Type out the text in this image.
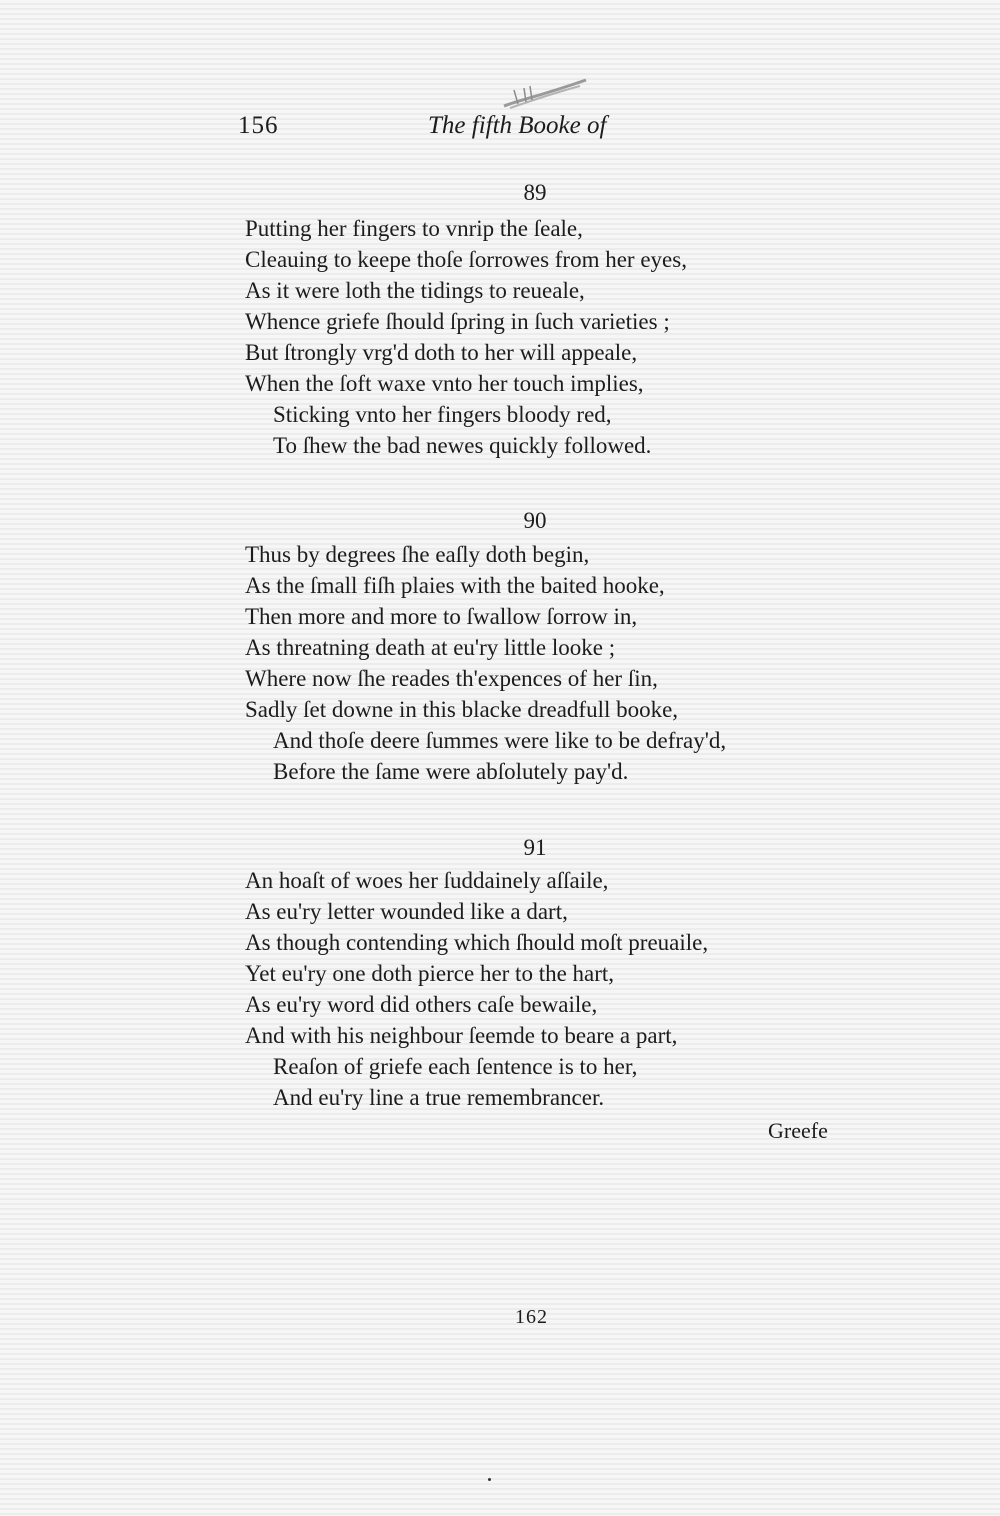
156	The fifth Booke of
89
Putting her fingers to vnrip the ſeale,
Cleauing to keepe thoſe ſorrowes from her eyes,
As it were loth the tidings to reueale,
Whence griefe ſhould ſpring in ſuch varieties ;
But ſtrongly vrg'd doth to her will appeale,
When the ſoft waxe vnto her touch implies,
Sticking vnto her fingers bloody red,
To ſhew the bad newes quickly followed.
90
Thus by degrees ſhe eaſly doth begin,
As the ſmall fiſh plaies with the baited hooke,
Then more and more to ſwallow ſorrow in,
As threatning death at eu'ry little looke ;
Where now ſhe reades th'expences of her ſin,
Sadly ſet downe in this blacke dreadfull booke,
And thoſe deere ſummes were like to be defray'd,
Before the ſame were abſolutely pay'd.
91
An hoaſt of woes her ſuddainely aſſaile,
As eu'ry letter wounded like a dart,
As though contending which ſhould moſt preuaile,
Yet eu'ry one doth pierce her to the hart,
As eu'ry word did others caſe bewaile,
And with his neighbour ſeemde to beare a part,
Reaſon of griefe each ſentence is to her,
And eu'ry line a true remembrancer.
Greefe
162
